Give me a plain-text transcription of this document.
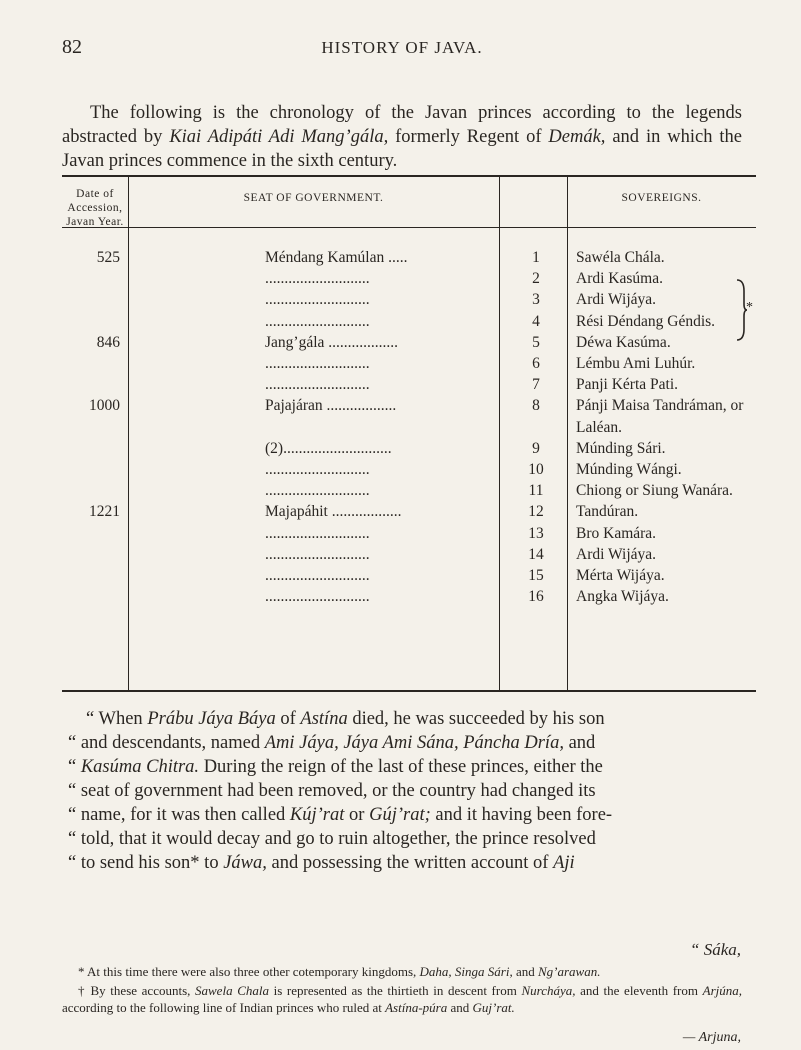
82	HISTORY OF JAVA.

The following is the chronology of the Javan princes according to the legends abstracted by Kiai Adipáti Adi Mang’gála, formerly Regent of Demák, and in which the Javan princes commence in the sixth century.

Date of Accession,
Javan Year.
SEAT OF GOVERNMENT.	SOVEREIGNS.
525	Méndang Kamúlan .....	1	Sawéla Chála.
...........................	2	Ardi Kasúma.
...........................	3	Ardi Wijáya.
...........................	4	Rési Déndang Géndis.
846	Jang’gála ..................	5	Déwa Kasúma.
...........................	6	Lémbu Ami Luhúr.
...........................	7	Panji Kérta Pati.
1000	Pajajáran ..................	8	Pánji Maisa Tandráman, or
Laléan.
(2)............................	9	Múnding Sári.
...........................	10	Múnding Wángi.
...........................	11	Chiong or Siung Wanára.
1221	Majapáhit ..................	12	Tandúran.
...........................	13	Bro Kamára.
...........................	14	Ardi Wijáya.
...........................	15	Mérta Wijáya.
...........................	16	Angka Wijáya.
*

“ When Prábu Jáya Báya of Astína died, he was succeeded by his son

“ and descendants, named Ami Jáya, Jáya Ami Sána, Páncha Dría, and

“ Kasúma Chitra. During the reign of the last of these princes, either the

“ seat of government had been removed, or the country had changed its

“ name, for it was then called Kúj’rat or Gúj’rat; and it having been fore-

“ told, that it would decay and go to ruin altogether, the prince resolved

“ to send his son* to Jáwa, and possessing the written account of Aji

“ Sáka,

* At this time there were also three other cotemporary kingdoms, Daha, Singa Sári, and Ng’arawan.

† By these accounts, Sawela Chala is represented as the thirtieth in descent from Nurcháya, and the eleventh from Arjúna, according to the following line of Indian princes who ruled at Astína-púra and Guj’rat.

— Arjuna,
